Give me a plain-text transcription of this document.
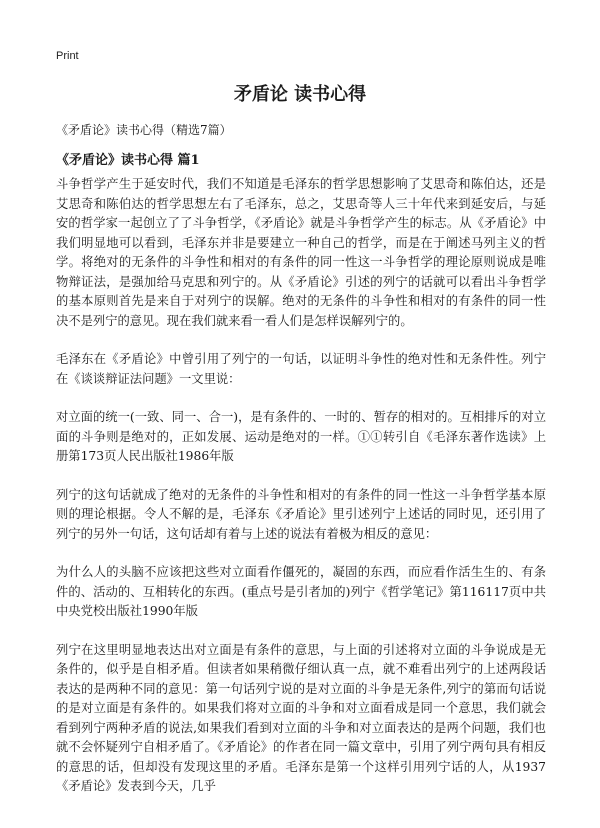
Print
矛盾论 读书心得
《矛盾论》读书心得（精选7篇）
《矛盾论》读书心得 篇1

斗争哲学产生于延安时代，我们不知道是毛泽东的哲学思想影响了艾思奇和陈伯达，还是艾思奇和陈伯达的哲学思想左右了毛泽东，总之，艾思奇等人三十年代来到延安后，与延安的哲学家一起创立了了斗争哲学，《矛盾论》就是斗争哲学产生的标志。从《矛盾论》中我们明显地可以看到，毛泽东并非是要建立一种自己的哲学，而是在于阐述马列主义的哲学。将绝对的无条件的斗争性和相对的有条件的同一性这一斗争哲学的理论原则说成是唯物辩证法，是强加给马克思和列宁的。从《矛盾论》引述的列宁的话就可以看出斗争哲学的基本原则首先是来自于对列宁的误解。绝对的无条件的斗争性和相对的有条件的同一性决不是列宁的意见。现在我们就来看一看人们是怎样误解列宁的。

毛泽东在《矛盾论》中曾引用了列宁的一句话，以证明斗争性的绝对性和无条件性。列宁在《谈谈辩证法问题》一文里说：

对立面的统一(一致、同一、合一)，是有条件的、一时的、暂存的相对的。互相排斥的对立面的斗争则是绝对的，正如发展、运动是绝对的一样。①①转引自《毛泽东著作选读》上册第173页人民出版社1986年版

列宁的这句话就成了绝对的无条件的斗争性和相对的有条件的同一性这一斗争哲学基本原则的理论根据。令人不解的是，毛泽东《矛盾论》里引述列宁上述话的同时见，还引用了列宁的另外一句话，这句话却有着与上述的说法有着极为相反的意见：

为什么人的头脑不应该把这些对立面看作僵死的，凝固的东西，而应看作活生生的、有条件的、活动的、互相转化的东西。(重点号是引者加的)列宁《哲学笔记》第116117页中共中央党校出版社1990年版

列宁在这里明显地表达出对立面是有条件的意思，与上面的引述将对立面的斗争说成是无条件的，似乎是自相矛盾。但读者如果稍微仔细认真一点，就不难看出列宁的上述两段话表达的是两种不同的意见：第一句话列宁说的是对立面的斗争是无条件,列宁的第而句话说的是对立面是有条件的。如果我们将对立面的斗争和对立面看成是同一个意思，我们就会看到列宁两种矛盾的说法,如果我们看到对立面的斗争和对立面表达的是两个问题，我们也就不会怀疑列宁自相矛盾了。《矛盾论》的作者在同一篇文章中，引用了列宁两句具有相反的意思的话，但却没有发现这里的矛盾。毛泽东是第一个这样引用列宁话的人，从1937《矛盾论》发表到今天，几乎
